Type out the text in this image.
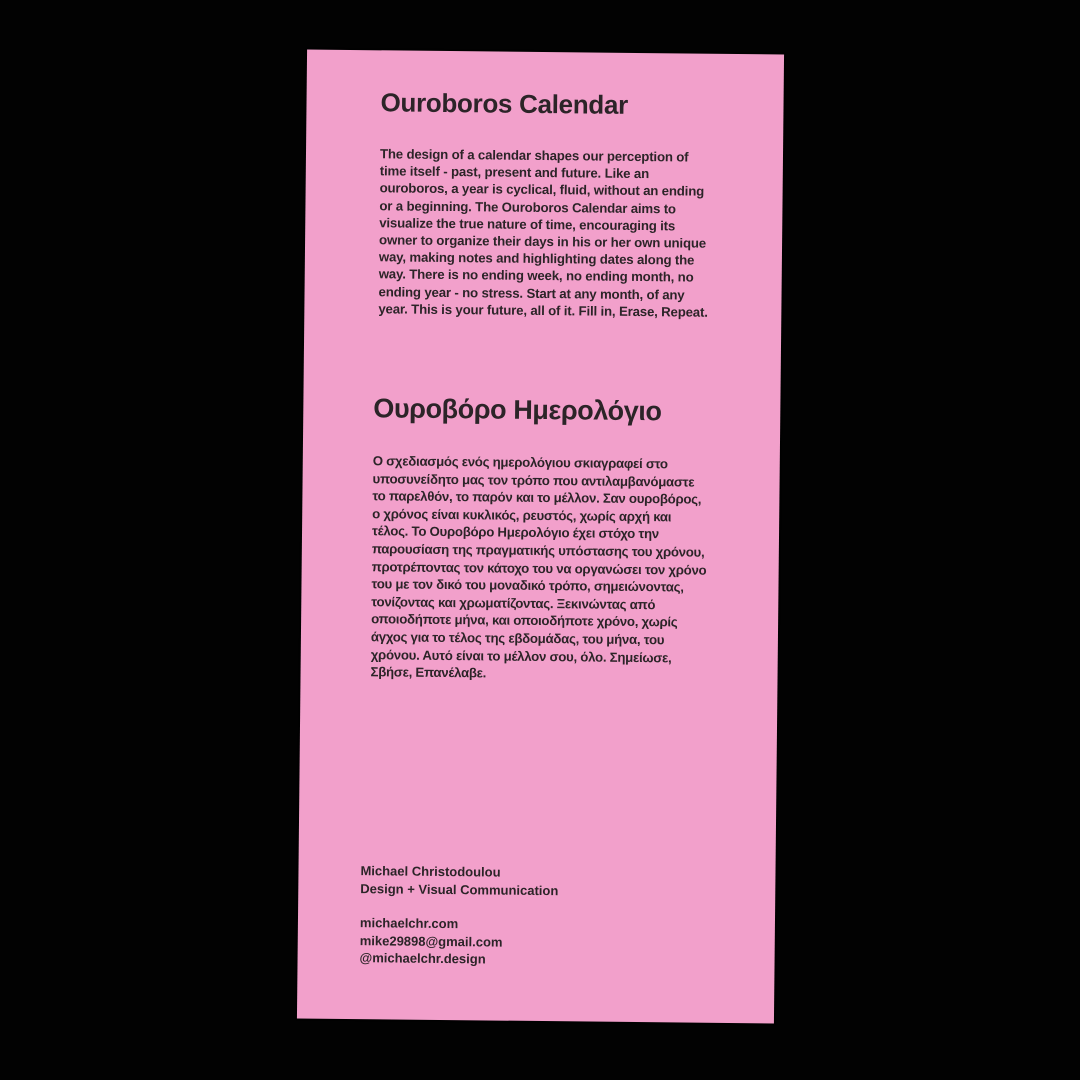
Ouroboros Calendar

The design of a calendar shapes our perception of time itself - past, present and future. Like an ouroboros, a year is cyclical, fluid, without an ending or a beginning. The Ouroboros Calendar aims to visualize the true nature of time, encouraging its owner to organize their days in his or her own unique way, making notes and highlighting dates along the way. There is no ending week, no ending month, no ending year - no stress. Start at any month, of any year. This is your future, all of it. Fill in, Erase, Repeat.

Ουροβόρο Ημερολόγιο

Ο σχεδιασμός ενός ημερολόγιου σκιαγραφεί στο υποσυνείδητο μας τον τρόπο που αντιλαμβανόμαστε το παρελθόν, το παρόν και το μέλλον. Σαν ουροβόρος, ο χρόνος είναι κυκλικός, ρευστός, χωρίς αρχή και τέλος. Το Ουροβόρο Ημερολόγιο έχει στόχο την παρουσίαση της πραγματικής υπόστασης του χρόνου, προτρέποντας τον κάτοχο του να οργανώσει τον χρόνο του με τον δικό του μοναδικό τρόπο, σημειώνοντας, τονίζοντας και χρωματίζοντας. Ξεκινώντας από οποιοδήποτε μήνα, και οποιοδήποτε χρόνο, χωρίς άγχος για το τέλος της εβδομάδας, του μήνα, του χρόνου. Αυτό είναι το μέλλον σου, όλο. Σημείωσε, Σβήσε, Επανέλαβε.

Michael Christodoulou
Design + Visual Communication
michaelchr.com
mike29898@gmail.com
@michaelchr.design
